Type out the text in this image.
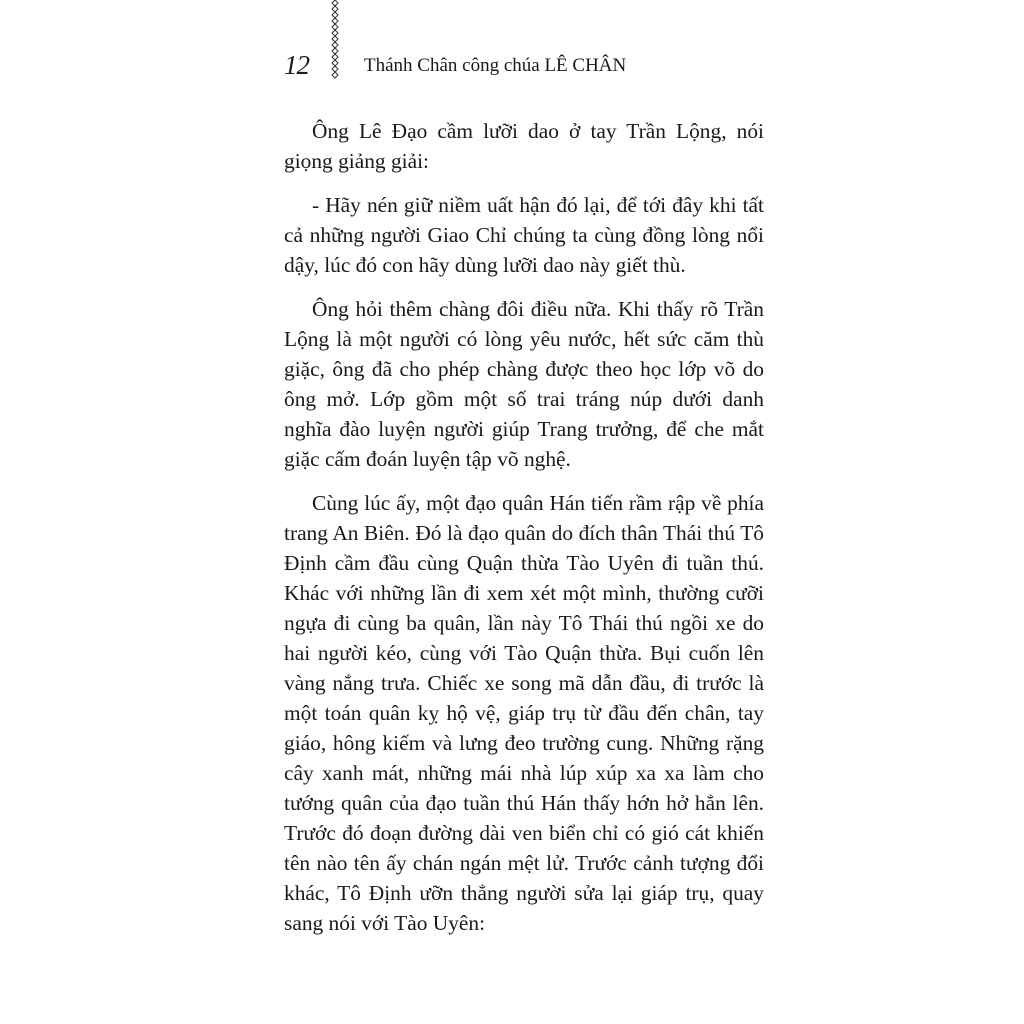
12	Thánh Chân công chúa LÊ CHÂN

Ông Lê Đạo cầm lưỡi dao ở tay Trần Lộng, nói giọng giảng giải:

- Hãy nén giữ niềm uất hận đó lại, để tới đây khi tất cả những người Giao Chỉ chúng ta cùng đồng lòng nổi dậy, lúc đó con hãy dùng lưỡi dao này giết thù.

Ông hỏi thêm chàng đôi điều nữa. Khi thấy rõ Trần Lộng là một người có lòng yêu nước, hết sức căm thù giặc, ông đã cho phép chàng được theo học lớp võ do ông mở. Lớp gồm một số trai tráng núp dưới danh nghĩa đào luyện người giúp Trang trưởng, để che mắt giặc cấm đoán luyện tập võ nghệ.

Cùng lúc ấy, một đạo quân Hán tiến rầm rập về phía trang An Biên. Đó là đạo quân do đích thân Thái thú Tô Định cầm đầu cùng Quận thừa Tào Uyên đi tuần thú. Khác với những lần đi xem xét một mình, thường cưỡi ngựa đi cùng ba quân, lần này Tô Thái thú ngồi xe do hai người kéo, cùng với Tào Quận thừa. Bụi cuốn lên vàng nắng trưa. Chiếc xe song mã dẫn đầu, đi trước là một toán quân kỵ hộ vệ, giáp trụ từ đầu đến chân, tay giáo, hông kiếm và lưng đeo trường cung. Những rặng cây xanh mát, những mái nhà lúp xúp xa xa làm cho tướng quân của đạo tuần thú Hán thấy hớn hở hẳn lên. Trước đó đoạn đường dài ven biển chỉ có gió cát khiến tên nào tên ấy chán ngán mệt lử. Trước cảnh tượng đổi khác, Tô Định ưỡn thẳng người sửa lại giáp trụ, quay sang nói với Tào Uyên:
